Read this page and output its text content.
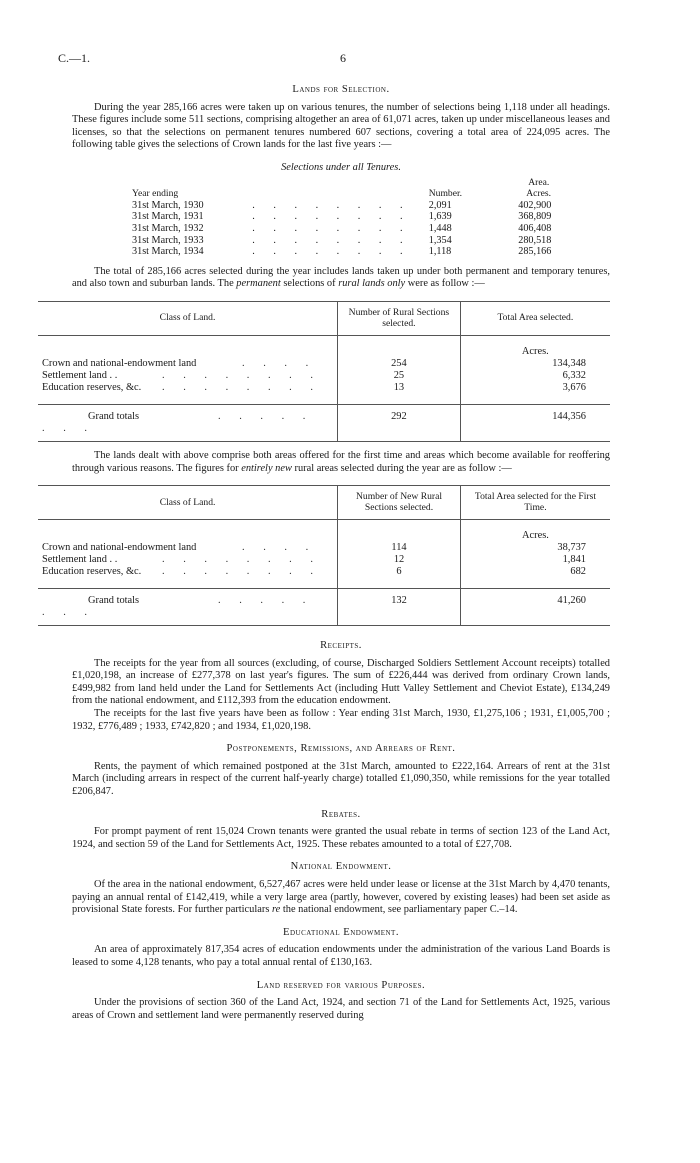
C.—1.	6
Lands for Selection.

During the year 285,166 acres were taken up on various tenures, the number of selections being 1,118 under all headings. These figures include some 511 sections, comprising altogether an area of 61,071 acres, taken up under miscellaneous leases and licenses, so that the selections on permanent tenures numbered 607 sections, covering a total area of 224,095 acres. The following table gives the selections of Crown lands for the last five years :—

Selections under all Tenures.
Year ending		Number.	Area.
Acres.

31st March, 1930	. . . . . . . .	2,091	402,900
31st March, 1931	. . . . . . . .	1,639	368,809
31st March, 1932	. . . . . . . .	1,448	406,408
31st March, 1933	. . . . . . . .	1,354	280,518
31st March, 1934	. . . . . . . .	1,118	285,166

The total of 285,166 acres selected during the year includes lands taken up under both permanent and temporary tenures, and also town and suburban lands. The permanent selections of rural lands only were as follow :—

Class of Land.	Number of Rural Sections selected.	Total Area selected.
		Acres.
Crown and national-endowment land . . . .	254	134,348
Settlement land . . . . . . . . . .	25	6,332
Education reserves, &c. . . . . . . . .	13	3,676
Grand totals . . . . . . . .	292	144,356

The lands dealt with above comprise both areas offered for the first time and areas which become available for reoffering through various reasons. The figures for entirely new rural areas selected during the year are as follow :—

Class of Land.	Number of New Rural Sections selected.	Total Area selected for the First Time.
		Acres.
Crown and national-endowment land . . . .	114	38,737
Settlement land . . . . . . . . . .	12	1,841
Education reserves, &c. . . . . . . . .	6	682
Grand totals . . . . . . . .	132	41,260
Receipts.

The receipts for the year from all sources (excluding, of course, Discharged Soldiers Settlement Account receipts) totalled £1,020,198, an increase of £277,378 on last year's figures. The sum of £226,444 was derived from ordinary Crown lands, £499,982 from land held under the Land for Settlements Act (including Hutt Valley Settlement and Cheviot Estate), £134,249 from the national endowment, and £112,393 from the education endowment.

The receipts for the last five years have been as follow : Year ending 31st March, 1930, £1,275,106 ; 1931, £1,005,700 ; 1932, £776,489 ; 1933, £742,820 ; and 1934, £1,020,198.

Postponements, Remissions, and Arrears of Rent.

Rents, the payment of which remained postponed at the 31st March, amounted to £222,164. Arrears of rent at the 31st March (including arrears in respect of the current half-yearly charge) totalled £1,090,350, while remissions for the year totalled £206,847.

Rebates.

For prompt payment of rent 15,024 Crown tenants were granted the usual rebate in terms of section 123 of the Land Act, 1924, and section 59 of the Land for Settlements Act, 1925. These rebates amounted to a total of £27,708.

National Endowment.

Of the area in the national endowment, 6,527,467 acres were held under lease or license at the 31st March by 4,470 tenants, paying an annual rental of £142,419, while a very large area (partly, however, covered by existing leases) had been set aside as provisional State forests. For further particulars re the national endowment, see parliamentary paper C.–14.

Educational Endowment.

An area of approximately 817,354 acres of education endowments under the administration of the various Land Boards is leased to some 4,128 tenants, who pay a total annual rental of £130,163.

Land reserved for various Purposes.

Under the provisions of section 360 of the Land Act, 1924, and section 71 of the Land for Settlements Act, 1925, various areas of Crown and settlement land were permanently reserved during
